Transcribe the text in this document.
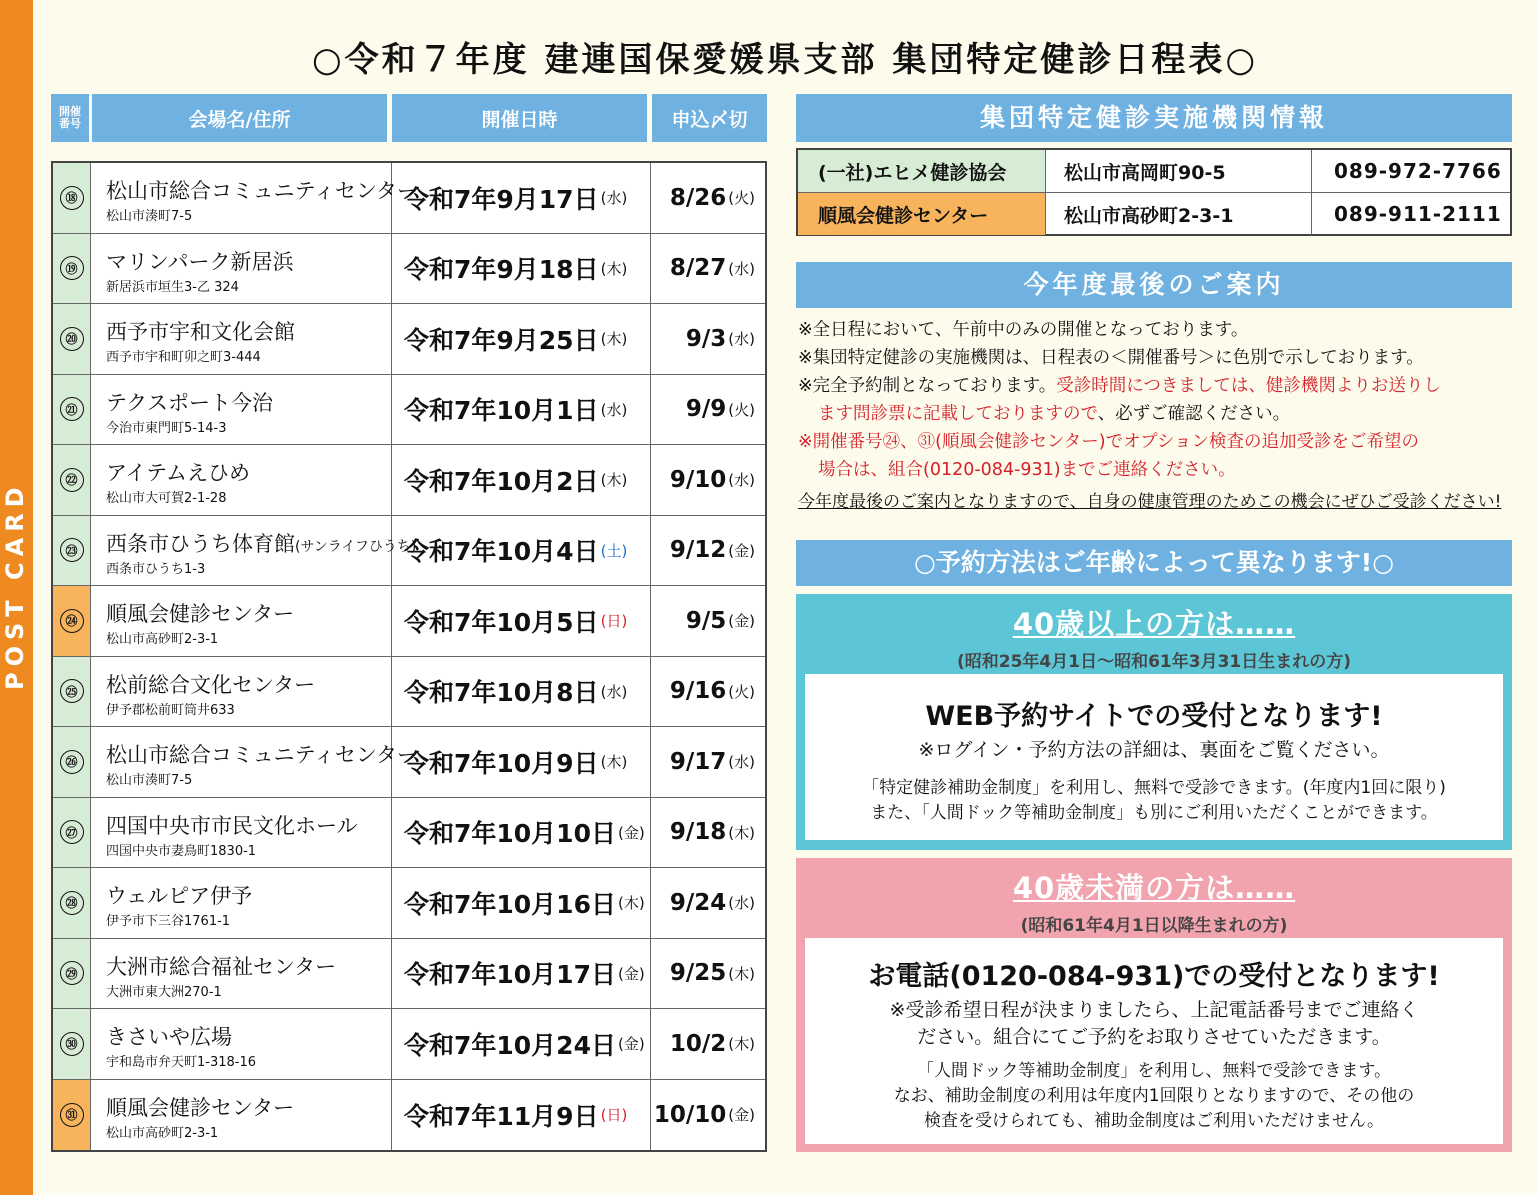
POST CARD
○令和７年度 建連国保愛媛県支部 集団特定健診日程表○
開催
番号	会場名/住所	開催日時	申込〆切
⑱ 松山市総合コミュニティセンター
松山市湊町7-5
令和7年9月17日 (水) 8/26 (火)
⑲ マリンパーク新居浜
新居浜市垣生3-乙 324
令和7年9月18日 (木) 8/27 (水)
⑳ 西予市宇和文化会館
西予市宇和町卯之町3-444
令和7年9月25日 (木)	9/3 (水)
㉑ テクスポート今治
今治市東門町5-14-3
令和7年10月1日 (水)	9/9 (火)
㉒ アイテムえひめ
松山市大可賀2-1-28
令和7年10月2日 (木) 9/10 (水)
㉓ 西条市ひうち体育館(サンライフひうち)
西条市ひうち1-3
令和7年10月4日 (土) 9/12 (金)
㉔ 順風会健診センター
松山市高砂町2-3-1
令和7年10月5日 (日)	9/5 (金)
㉕ 松前総合文化センター
伊予郡松前町筒井633
令和7年10月8日 (水) 9/16 (火)
㉖ 松山市総合コミュニティセンター
松山市湊町7-5
令和7年10月9日 (木) 9/17 (水)
㉗ 四国中央市市民文化ホール
四国中央市妻鳥町1830-1
令和7年10月10日 (金) 9/18 (木)
㉘ ウェルピア伊予
伊予市下三谷1761-1
令和7年10月16日 (木) 9/24 (水)
㉙ 大洲市総合福祉センター
大洲市東大洲270-1
令和7年10月17日 (金) 9/25 (木)
㉚ きさいや広場
宇和島市弁天町1-318-16
令和7年10月24日 (金) 10/2 (木)
㉛ 順風会健診センター
松山市高砂町2-3-1
令和7年11月9日 (日) 10/10 (金)
集団特定健診実施機関情報
(一社)エヒメ健診協会	松山市高岡町90-5	089-972-7766
順風会健診センター	松山市高砂町2-3-1	089-911-2111
今年度最後のご案内

※全日程において、午前中のみの開催となっております。

※集団特定健診の実施機関は、日程表の＜開催番号＞に色別で示しております。

※完全予約制となっております。受診時間につきましては、健診機関よりお送りし

ます問診票に記載しておりますので、必ずご確認ください。

※開催番号㉔、㉛(順風会健診センター)でオプション検査の追加受診をご希望の

場合は、組合(0120-084-931)までご連絡ください。

今年度最後のご案内となりますので、自身の健康管理のためこの機会にぜひご受診ください!

○予約方法はご年齢によって異なります!○
40歳以上の方は……
(昭和25年4月1日〜昭和61年3月31日生まれの方)
WEB予約サイトでの受付となります!
※ログイン・予約方法の詳細は、裏面をご覧ください。
「特定健診補助金制度」を利用し、無料で受診できます。(年度内1回に限り)
また、「人間ドック等補助金制度」も別にご利用いただくことができます。
40歳未満の方は……
(昭和61年4月1日以降生まれの方)
お電話(0120-084-931)での受付となります!
※受診希望日程が決まりましたら、上記電話番号までご連絡く
ださい。組合にてご予約をお取りさせていただきます。
「人間ドック等補助金制度」を利用し、無料で受診できます。
なお、補助金制度の利用は年度内1回限りとなりますので、その他の
検査を受けられても、補助金制度はご利用いただけません。
